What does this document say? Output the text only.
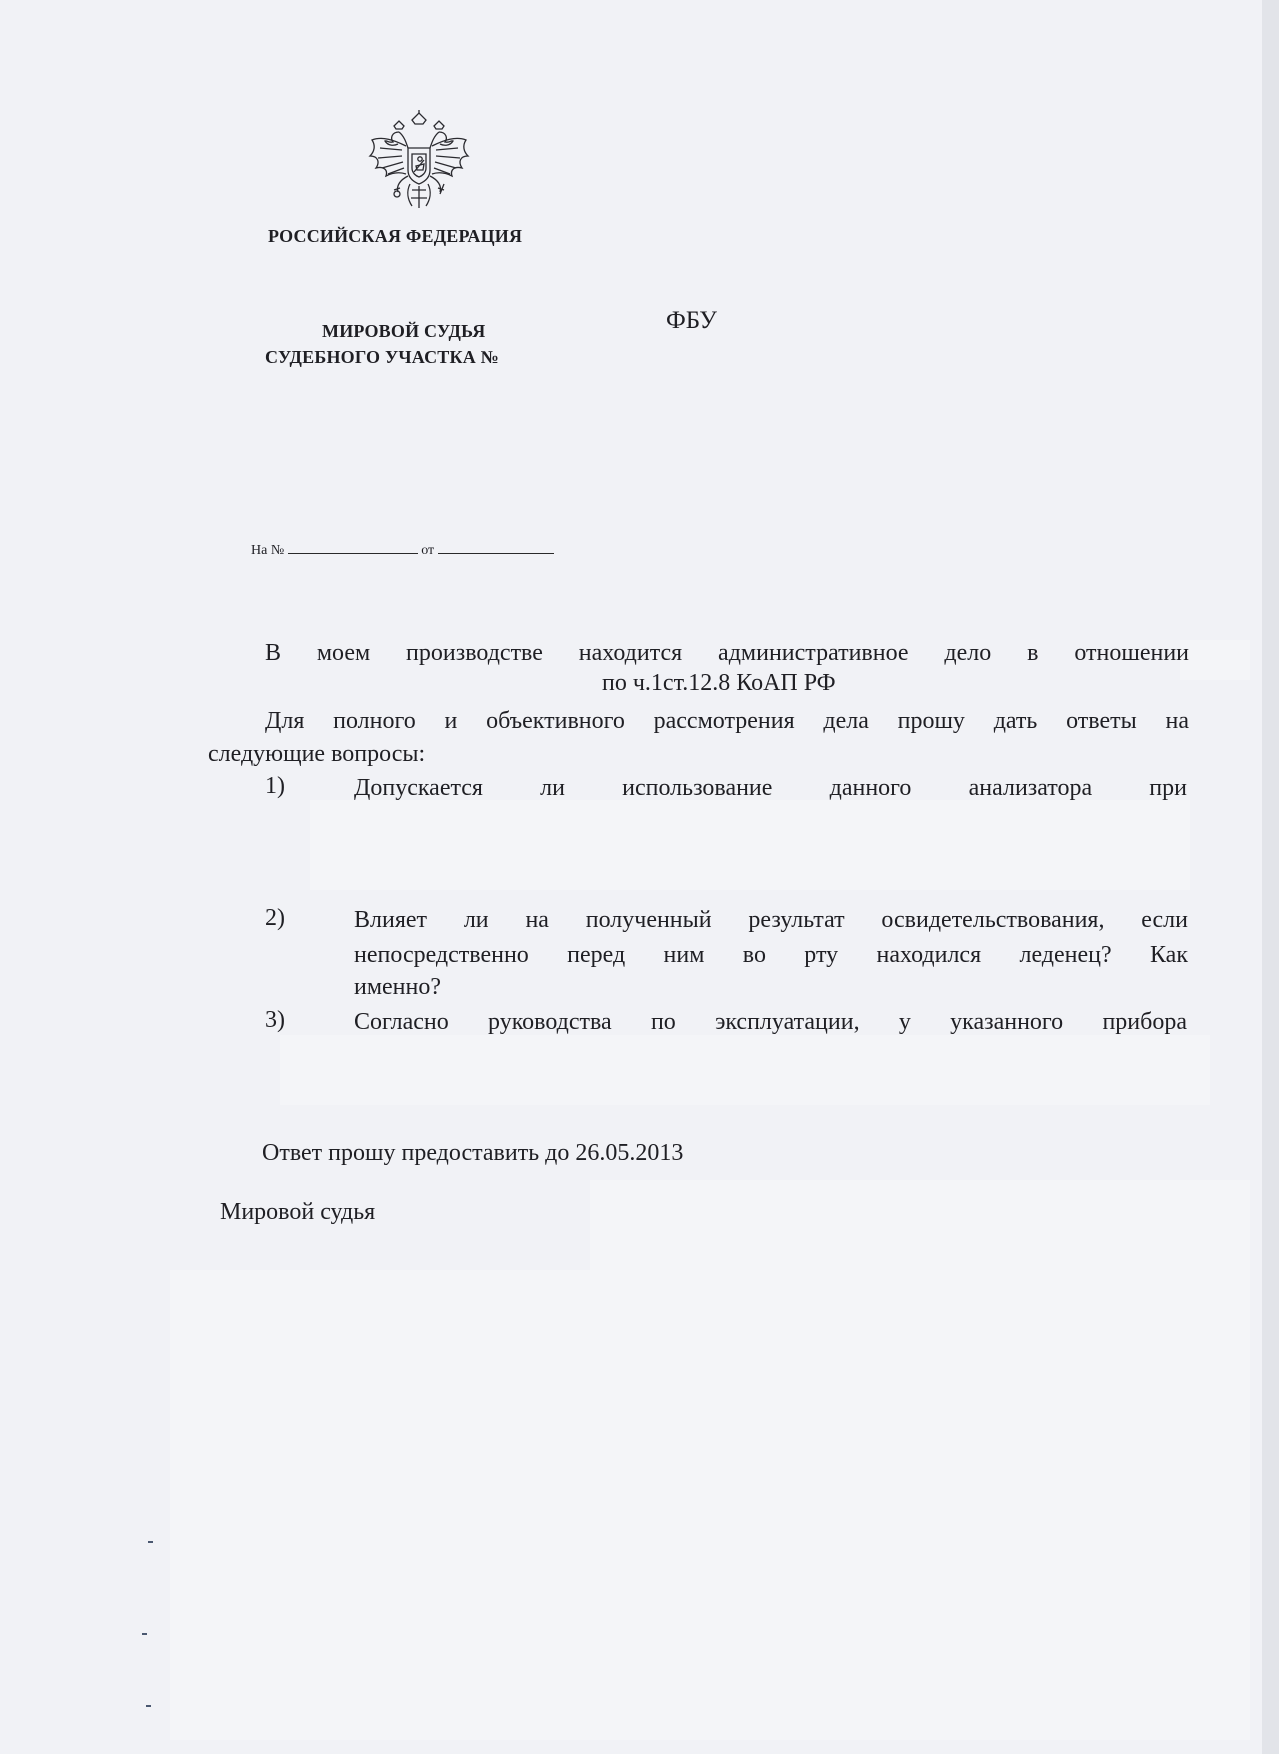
РОССИЙСКАЯ ФЕДЕРАЦИЯ
МИРОВОЙ СУДЬЯ
СУДЕБНОГО УЧАСТКА №
ФБУ
На №	от
В моем производстве находится административное дело в отношении
по ч.1ст.12.8 КоАП РФ
Для полного и объективного рассмотрения дела прошу дать ответы на
следующие вопросы:
1)	Допускается ли использование данного анализатора при
2)	Влияет ли на полученный результат освидетельствования, если
непосредственно перед ним во рту находился леденец? Как
именно?
3)	Согласно руководства по эксплуатации, у указанного прибора
Ответ прошу предоставить до 26.05.2013
Мировой судья
